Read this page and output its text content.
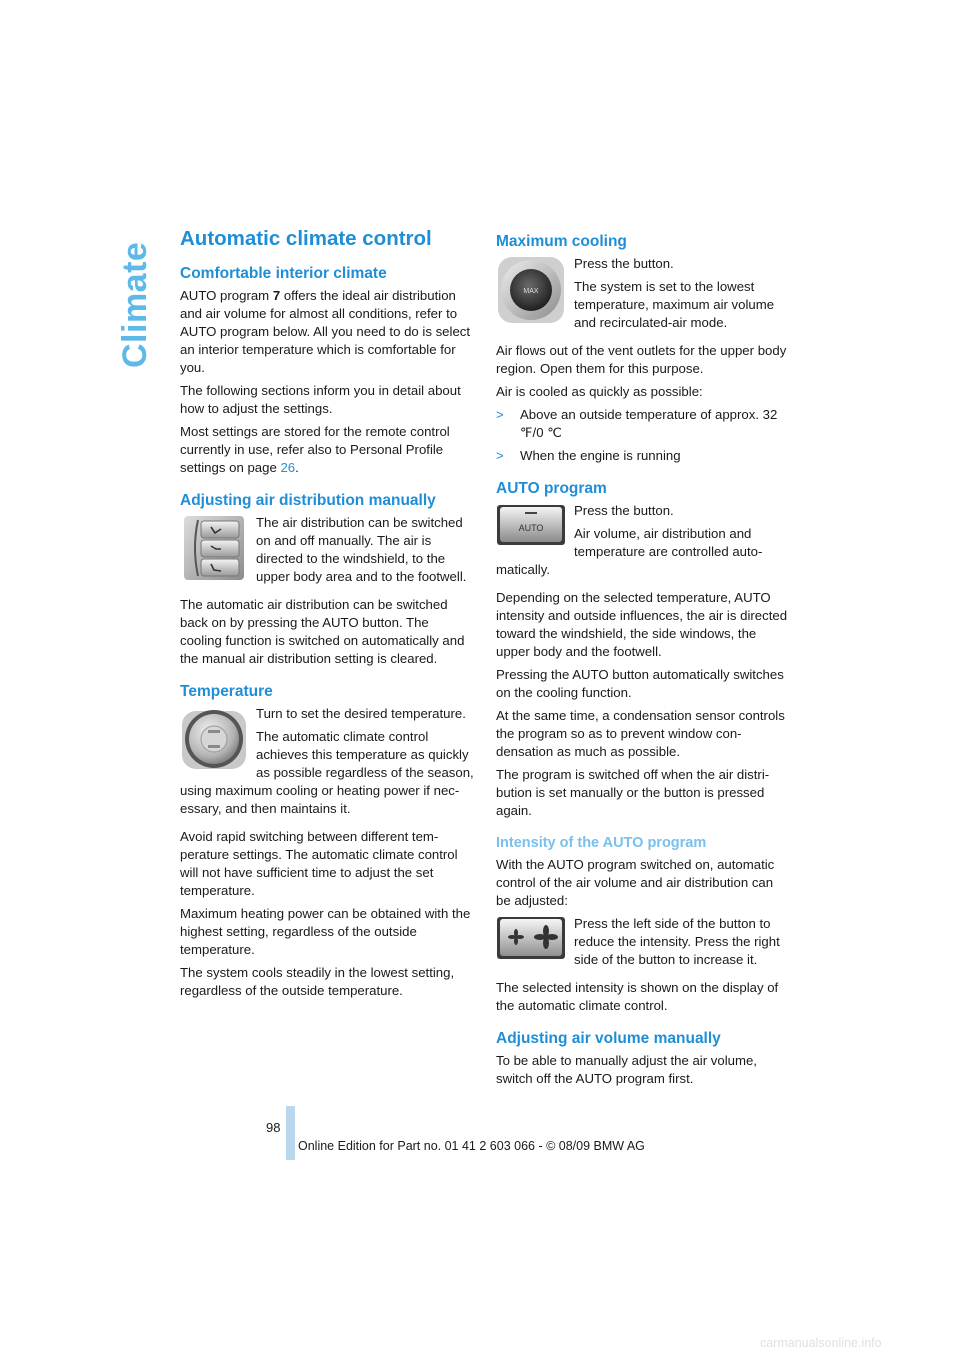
Climate
Automatic climate control
Comfortable interior climate

AUTO program 7 offers the ideal air distribution and air volume for almost all conditions, refer to AUTO program below. All you need to do is select an interior temperature which is comfortable for you.

The following sections inform you in detail about how to adjust the settings.

Most settings are stored for the remote control currently in use, refer also to Personal Profile settings on page 26.

Adjusting air distribution manually

The air distribution can be switched on and off manually. The air is directed to the windshield, to the upper body area and to the footwell.

The automatic air distribution can be switched back on by pressing the AUTO button. The cooling function is switched on automatically and the manual air distribution setting is cleared.

Temperature

Turn to set the desired temperature.

The automatic climate control achieves this temperature as quickly as possible regardless of the season, using maximum cooling or heating power if necessary, and then maintains it.

Avoid rapid switching between different temperature settings. The automatic climate control will not have sufficient time to adjust the set temperature.

Maximum heating power can be obtained with the highest setting, regardless of the outside temperature.

The system cools steadily in the lowest setting, regardless of the outside temperature.

Maximum cooling
MAX

Press the button.

The system is set to the lowest temperature, maximum air volume and recirculated-air mode.

Air flows out of the vent outlets for the upper body region. Open them for this purpose.

Air is cooled as quickly as possible:

> Above an outside temperature of approx. 32 ℉/0 ℃
> When the engine is running
AUTO program
AUTO

Press the button.

Air volume, air distribution and temperature are controlled automatically.

Depending on the selected temperature, AUTO intensity and outside influences, the air is directed toward the windshield, the side windows, the upper body and the footwell.

Pressing the AUTO button automatically switches on the cooling function.

At the same time, a condensation sensor controls the program so as to prevent window condensation as much as possible.

The program is switched off when the air distribution is set manually or the button is pressed again.

Intensity of the AUTO program

With the AUTO program switched on, automatic control of the air volume and air distribution can be adjusted:

Press the left side of the button to reduce the intensity. Press the right side of the button to increase it.

The selected intensity is shown on the display of the automatic climate control.

Adjusting air volume manually

To be able to manually adjust the air volume, switch off the AUTO program first.

98
Online Edition for Part no. 01 41 2 603 066 - © 08/09 BMW AG
carmanualsonline.info
